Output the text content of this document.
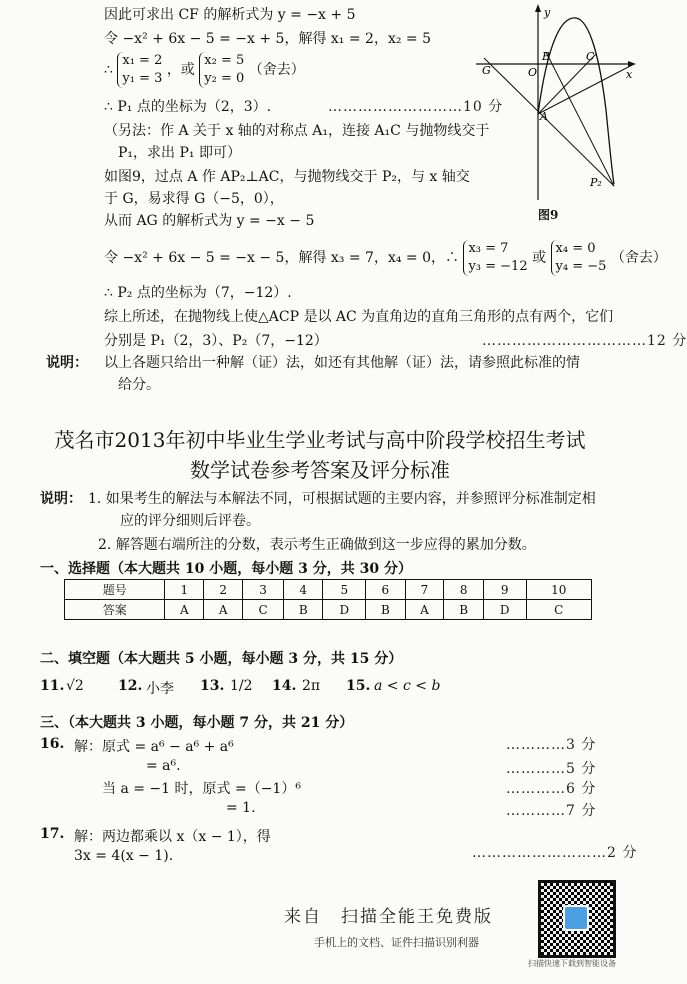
因此可求出 CF 的解析式为 y = −x + 5
令 −x² + 6x − 5 = −x + 5，解得 x₁ = 2，x₂ = 5
∴ x₁ = 2
y₁ = 3 ，或 x₂ = 5
y₂ = 0 （舍去）
∴ P₁ 点的坐标为（2，3）.	………………………10 分
（另法：作 A 关于 x 轴的对称点 A₁，连接 A₁C 与抛物线交于
P₁，求出 P₁ 即可）
如图9，过点 A 作 AP₂⊥AC，与抛物线交于 P₂，与 x 轴交
于 G，易求得 G（−5，0），
从而 AG 的解析式为 y = −x − 5
令 −x² + 6x − 5 = −x − 5，解得 x₃ = 7，x₄ = 0，∴ x₃ = 7
y₃ = −12 或 x₄ = 0
y₄ = −5 （舍去）
∴ P₂ 点的坐标为（7，−12）.
综上所述，在抛物线上使△ACP 是以 AC 为直角边的直角三角形的点有两个，它们
分别是 P₁（2，3）、P₂（7，−12）	……………………………12 分
说明： 以上各题只给出一种解（证）法，如还有其他解（证）法，请参照此标准的情
给分。
y
x
O
G
B	C
A
P₂
图9
茂名市2013年初中毕业生学业考试与高中阶段学校招生考试
数学试卷参考答案及评分标准
说明： 1. 如果考生的解法与本解法不同，可根据试题的主要内容，并参照评分标准制定相
应的评分细则后评卷。
2. 解答题右端所注的分数，表示考生正确做到这一步应得的累加分数。
一、选择题（本大题共 10 小题，每小题 3 分，共 30 分）
题号	1	2	3	4	5	6	7	8	9	10
答案	A	A	C	B	D	B	A	B	D	C
二、填空题（本大题共 5 小题，每小题 3 分，共 15 分）
11. √2 12. 小李 13. 1/2 14. 2π 15. a < c < b
三、（本大题共 3 小题，每小题 7 分，共 21 分）
16. 解：原式 = a⁶ − a⁶ + a⁶	…………3 分
= a⁶.	…………5 分
当 a = −1 时，原式 =（−1）⁶	…………6 分
= 1.	…………7 分
17. 解：两边都乘以 x（x − 1），得
3x = 4(x − 1).	………………………2 分
来自　扫描全能王免费版
手机上的文档、证件扫描识别利器
扫描快速下载到智能设备
